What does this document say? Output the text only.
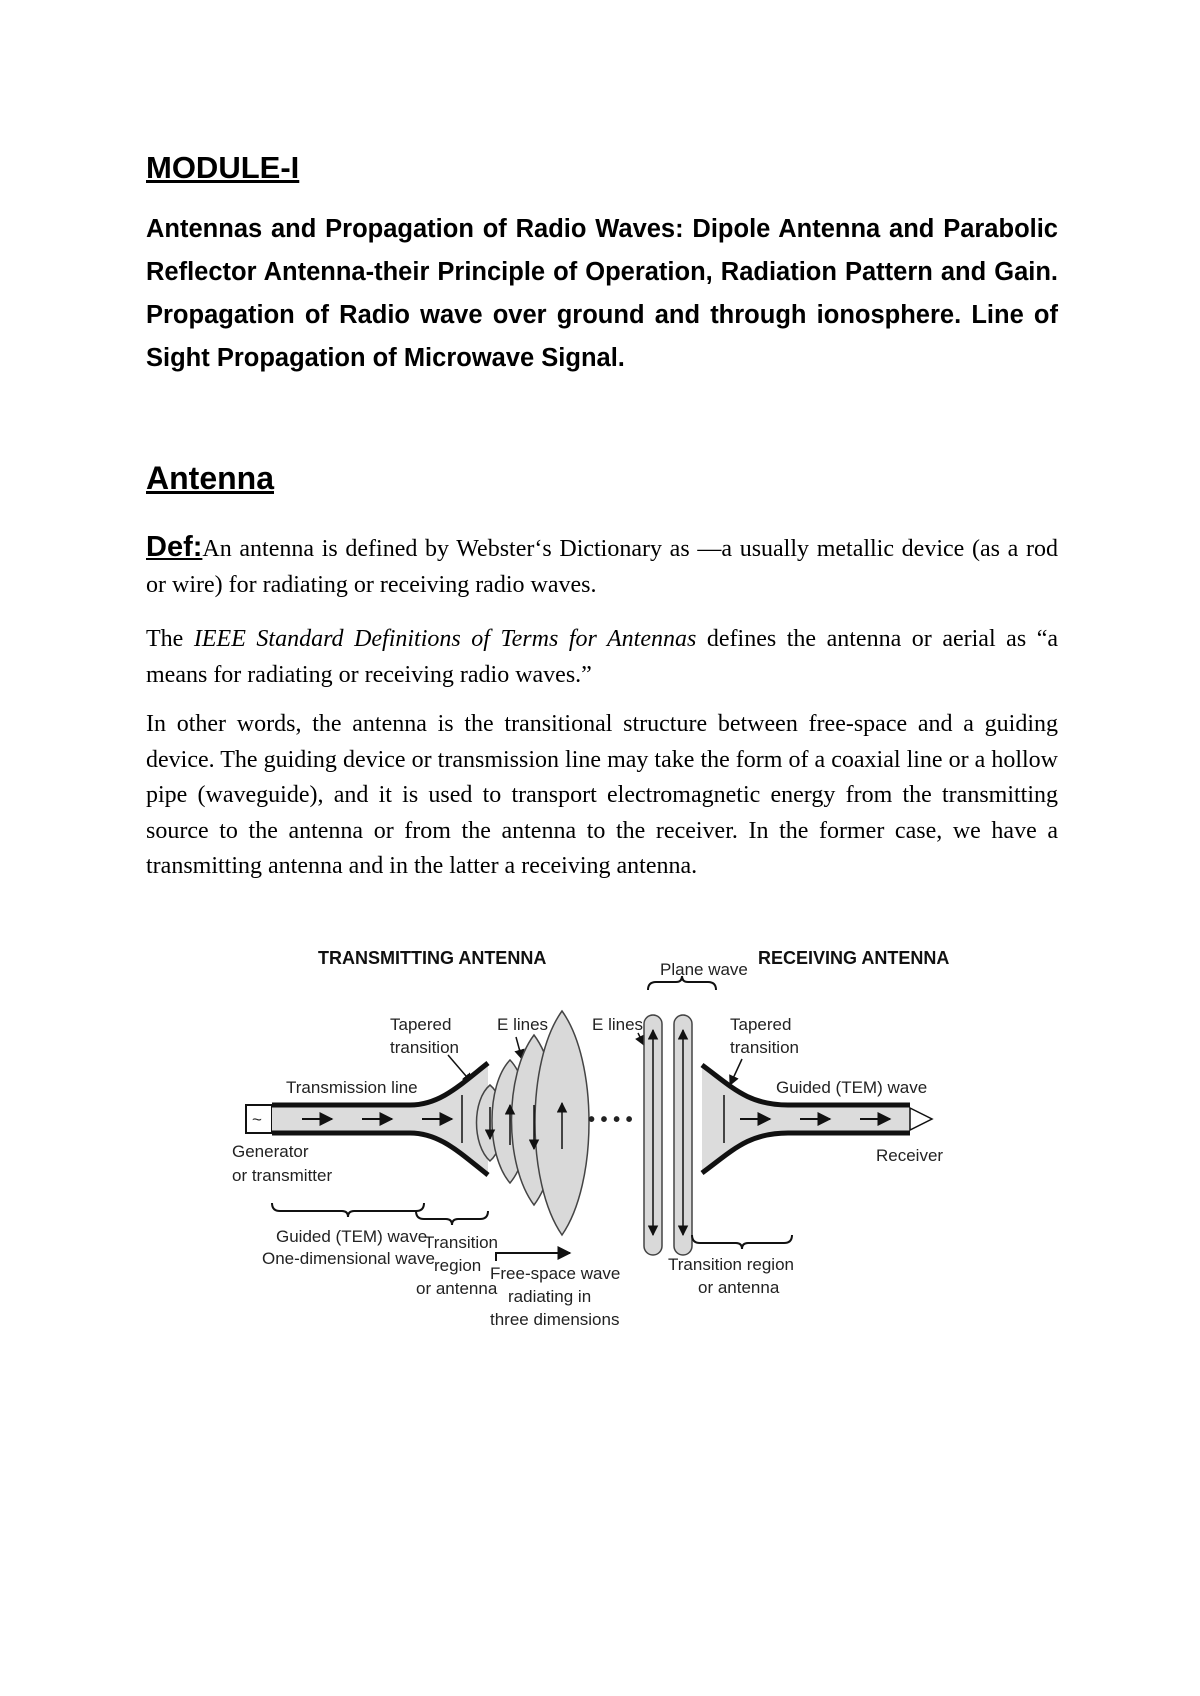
MODULE-I
Antennas and Propagation of Radio Waves: Dipole Antenna and Parabolic Reflector Antenna-their Principle of Operation, Radiation Pattern and Gain. Propagation of Radio wave over ground and through ionosphere. Line of Sight Propagation of Microwave Signal.
Antenna
Def:An antenna is defined by Webster‘s Dictionary as ―a usually metallic device (as a rod or wire) for radiating or receiving radio waves.
The IEEE Standard Definitions of Terms for Antennas defines the antenna or aerial as “a means for radiating or receiving radio waves.”
In other words, the antenna is the transitional structure between free-space and a guiding device. The guiding device or transmission line may take the form of a coaxial line or a hollow pipe (waveguide), and it is used to transport electromagnetic energy from the transmitting source to the antenna or from the antenna to the receiver. In the former case, we have a transmitting antenna and in the latter a receiving antenna.
TRANSMITTING ANTENNA	RECEIVING ANTENNA
Plane wave
Tapered
transition
E lines
Transmission line
~	• • • •
E lines	Tapered
transition
Guided (TEM) wave
Receiver
Generator
or transmitter
Guided (TEM) wave
One-dimensional wave
Transition
region
or antenna
Free-space wave
radiating in
three dimensions
Transition region
or antenna
